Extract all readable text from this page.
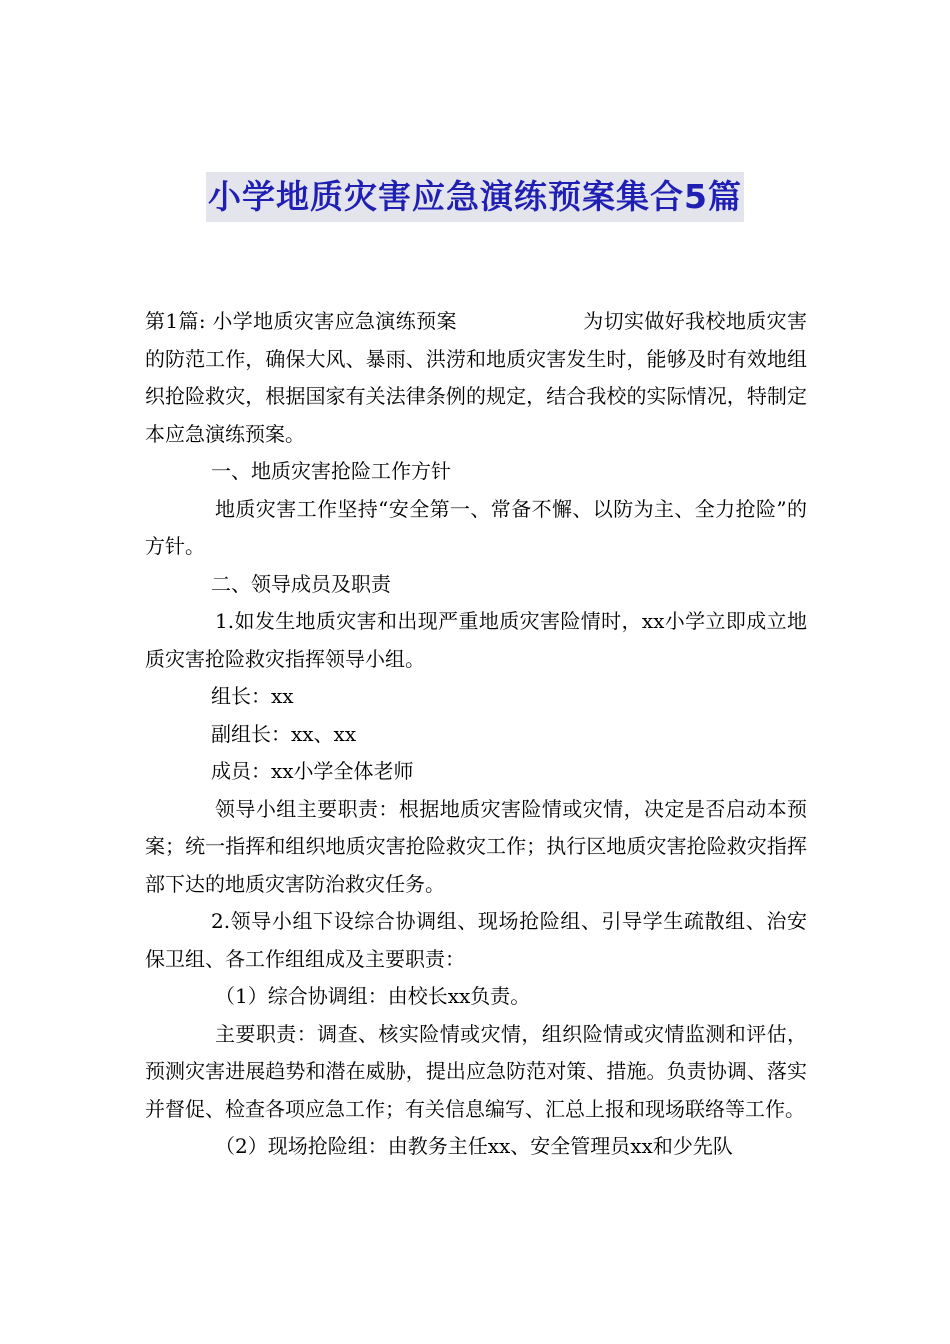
小学地质灾害应急演练预案集合5篇

第1篇: 小学地质灾害应急演练预案	为切实做好我校地质灾害的防范工作，确保大风、暴雨、洪涝和地质灾害发生时，能够及时有效地组织抢险救灾，根据国家有关法律条例的规定，结合我校的实际情况，特制定本应急演练预案。

一、地质灾害抢险工作方针

地质灾害工作坚持“安全第一、常备不懈、以防为主、全力抢险”的方针。

二、领导成员及职责

1.如发生地质灾害和出现严重地质灾害险情时，xx小学立即成立地质灾害抢险救灾指挥领导小组。

组长：xx

副组长：xx、xx

成员：xx小学全体老师

领导小组主要职责：根据地质灾害险情或灾情，决定是否启动本预案；统一指挥和组织地质灾害抢险救灾工作；执行区地质灾害抢险救灾指挥部下达的地质灾害防治救灾任务。

2.领导小组下设综合协调组、现场抢险组、引导学生疏散组、治安保卫组、各工作组组成及主要职责：

（1）综合协调组：由校长xx负责。

主要职责：调查、核实险情或灾情，组织险情或灾情监测和评估，预测灾害进展趋势和潜在威胁，提出应急防范对策、措施。负责协调、落实并督促、检查各项应急工作；有关信息编写、汇总上报和现场联络等工作。

（2）现场抢险组：由教务主任xx、安全管理员xx和少先队
